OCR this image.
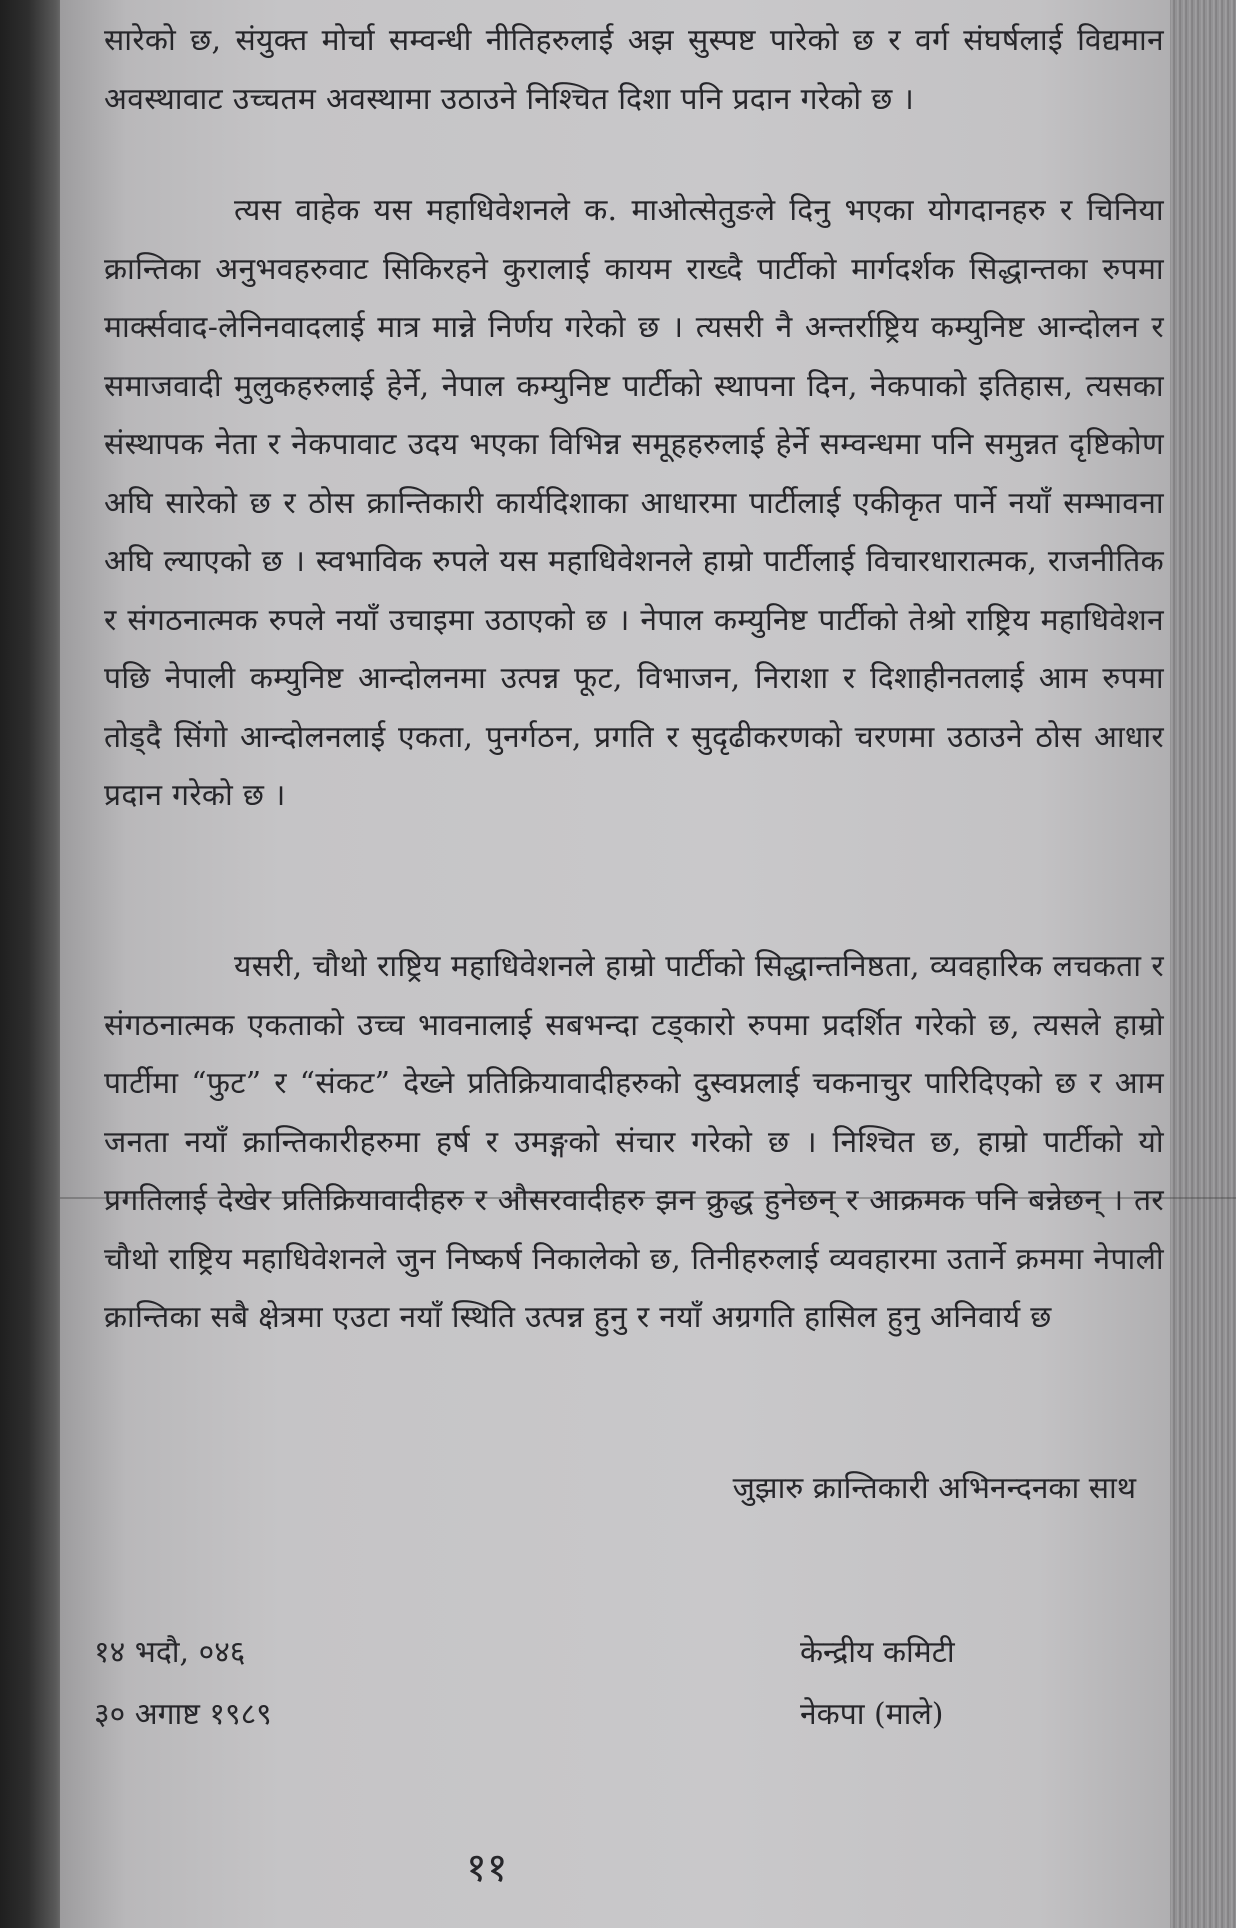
सारेको छ, संयुक्त मोर्चा सम्वन्धी नीतिहरुलाई अझ सुस्पष्ट पारेको छ र वर्ग संघर्षलाई विद्यमान अवस्थावाट उच्चतम अवस्थामा उठाउने निश्चित दिशा पनि प्रदान गरेको छ ।

त्यस वाहेक यस महाधिवेशनले क. माओत्सेतुङले दिनु भएका योगदानहरु र चिनिया क्रान्तिका अनुभवहरुवाट सिकिरहने कुरालाई कायम राख्दै पार्टीको मार्गदर्शक सिद्धान्तका रुपमा मार्क्सवाद-लेनिनवादलाई मात्र मान्ने निर्णय गरेको छ । त्यसरी नै अन्तर्राष्ट्रिय कम्युनिष्ट आन्दोलन र समाजवादी मुलुकहरुलाई हेर्ने, नेपाल कम्युनिष्ट पार्टीको स्थापना दिन, नेकपाको इतिहास, त्यसका संस्थापक नेता र नेकपावाट उदय भएका विभिन्न समूहहरुलाई हेर्ने सम्वन्धमा पनि समुन्नत दृष्टिकोण अघि सारेको छ र ठोस क्रान्तिकारी कार्यदिशाका आधारमा पार्टीलाई एकीकृत पार्ने नयाँ सम्भावना अघि ल्याएको छ । स्वभाविक रुपले यस महाधिवेशनले हाम्रो पार्टीलाई विचारधारात्मक, राजनीतिक र संगठनात्मक रुपले नयाँ उचाइमा उठाएको छ । नेपाल कम्युनिष्ट पार्टीको तेश्रो राष्ट्रिय महाधिवेशन पछि नेपाली कम्युनिष्ट आन्दोलनमा उत्पन्न फूट, विभाजन, निराशा र दिशाहीनतलाई आम रुपमा तोड्दै सिंगो आन्दोलनलाई एकता, पुनर्गठन, प्रगति र सुदृढीकरणको चरणमा उठाउने ठोस आधार प्रदान गरेको छ ।

यसरी, चौथो राष्ट्रिय महाधिवेशनले हाम्रो पार्टीको सिद्धान्तनिष्ठता, व्यवहारिक लचकता र संगठनात्मक एकताको उच्च भावनालाई सबभन्दा टड्कारो रुपमा प्रदर्शित गरेको छ, त्यसले हाम्रो पार्टीमा “फुट” र “संकट” देख्ने प्रतिक्रियावादीहरुको दुस्वप्नलाई चकनाचुर पारिदिएको छ र आम जनता नयाँ क्रान्तिकारीहरुमा हर्ष र उमङ्गको संचार गरेको छ । निश्चित छ, हाम्रो पार्टीको यो प्रगतिलाई देखेर प्रतिक्रियावादीहरु र औसरवादीहरु झन क्रुद्ध हुनेछन् र आक्रमक पनि बन्नेछन् । तर चौथो राष्ट्रिय महाधिवेशनले जुन निष्कर्ष निकालेको छ, तिनीहरुलाई व्यवहारमा उतार्ने क्रममा नेपाली क्रान्तिका सबै क्षेत्रमा एउटा नयाँ स्थिति उत्पन्न हुनु र नयाँ अग्रगति हासिल हुनु अनिवार्य छ

जुझारु क्रान्तिकारी अभिनन्दनका साथ
१४ भदौ, ०४६
३० अगाष्ट १९८९
केन्द्रीय कमिटी
नेकपा (माले)
११
